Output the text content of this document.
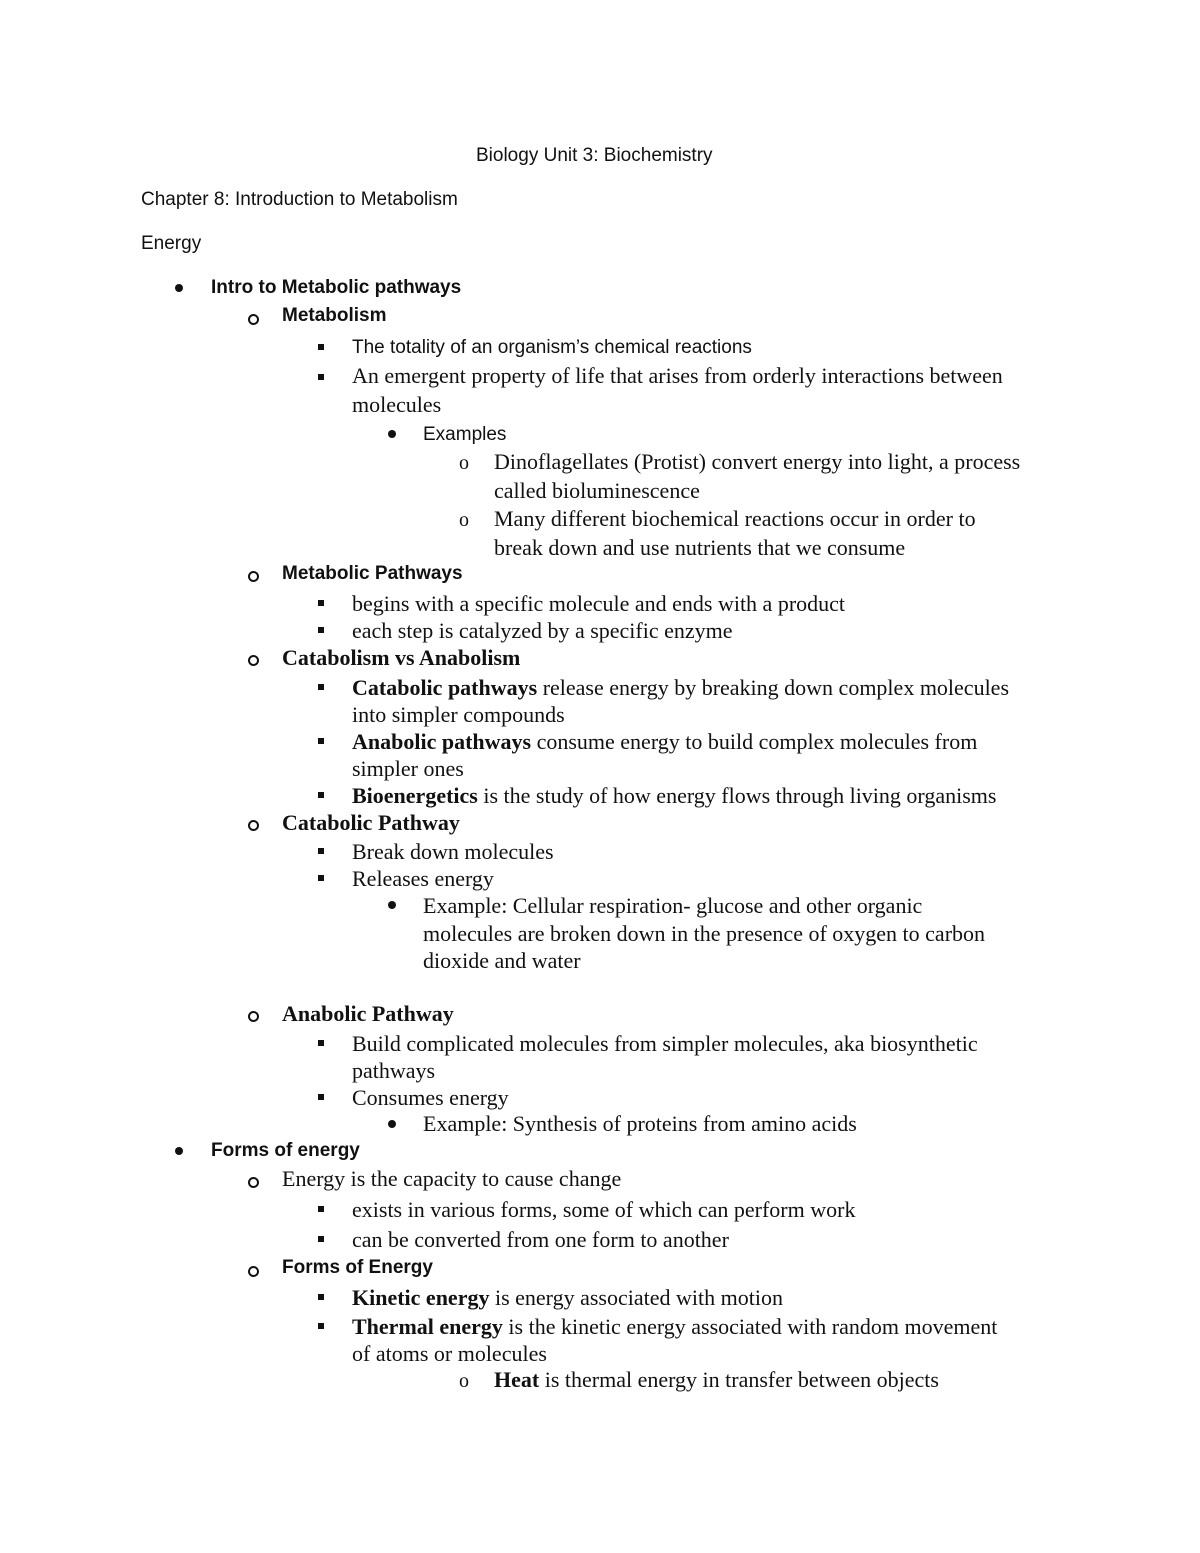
Biology Unit 3: Biochemistry
Chapter 8: Introduction to Metabolism
Energy
Intro to Metabolic pathways
Metabolism
The totality of an organism’s chemical reactions
An emergent property of life that arises from orderly interactions between
molecules
Examples
o Dinoflagellates (Protist) convert energy into light, a process
called bioluminescence
o Many different biochemical reactions occur in order to
break down and use nutrients that we consume
Metabolic Pathways
begins with a specific molecule and ends with a product
each step is catalyzed by a specific enzyme
Catabolism vs Anabolism
Catabolic pathways release energy by breaking down complex molecules
into simpler compounds
Anabolic pathways consume energy to build complex molecules from
simpler ones
Bioenergetics is the study of how energy flows through living organisms
Catabolic Pathway
Break down molecules
Releases energy
Example: Cellular respiration- glucose and other organic
molecules are broken down in the presence of oxygen to carbon
dioxide and water
Anabolic Pathway
Build complicated molecules from simpler molecules, aka biosynthetic
pathways
Consumes energy
Example: Synthesis of proteins from amino acids
Forms of energy
Energy is the capacity to cause change
exists in various forms, some of which can perform work
can be converted from one form to another
Forms of Energy
Kinetic energy is energy associated with motion
Thermal energy is the kinetic energy associated with random movement
of atoms or molecules
o Heat is thermal energy in transfer between objects
